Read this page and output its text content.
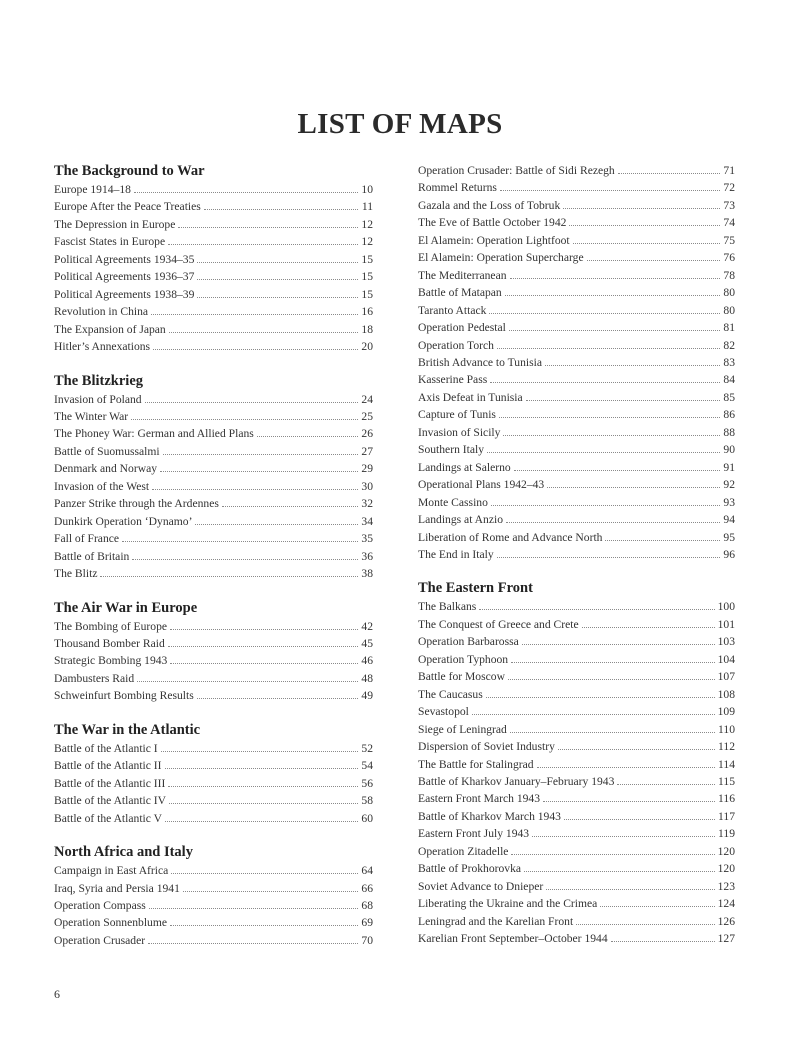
LIST OF MAPS
The Background to War
Europe 1914–18	10
Europe After the Peace Treaties	11
The Depression in Europe	12
Fascist States in Europe	12
Political Agreements 1934–35	15
Political Agreements 1936–37	15
Political Agreements 1938–39	15
Revolution in China	16
The Expansion of Japan	18
Hitler’s Annexations	20
The Blitzkrieg
Invasion of Poland	24
The Winter War	25
The Phoney War: German and Allied Plans	26
Battle of Suomussalmi	27
Denmark and Norway	29
Invasion of the West	30
Panzer Strike through the Ardennes	32
Dunkirk Operation ‘Dynamo’	34
Fall of France	35
Battle of Britain	36
The Blitz	38
The Air War in Europe
The Bombing of Europe	42
Thousand Bomber Raid	45
Strategic Bombing 1943	46
Dambusters Raid	48
Schweinfurt Bombing Results	49
The War in the Atlantic
Battle of the Atlantic I	52
Battle of the Atlantic II	54
Battle of the Atlantic III	56
Battle of the Atlantic IV	58
Battle of the Atlantic V	60
North Africa and Italy
Campaign in East Africa	64
Iraq, Syria and Persia 1941	66
Operation Compass	68
Operation Sonnenblume	69
Operation Crusader	70
Operation Crusader: Battle of Sidi Rezegh	71
Rommel Returns	72
Gazala and the Loss of Tobruk	73
The Eve of Battle October 1942	74
El Alamein: Operation Lightfoot	75
El Alamein: Operation Supercharge	76
The Mediterranean	78
Battle of Matapan	80
Taranto Attack	80
Operation Pedestal	81
Operation Torch	82
British Advance to Tunisia	83
Kasserine Pass	84
Axis Defeat in Tunisia	85
Capture of Tunis	86
Invasion of Sicily	88
Southern Italy	90
Landings at Salerno	91
Operational Plans 1942–43	92
Monte Cassino	93
Landings at Anzio	94
Liberation of Rome and Advance North	95
The End in Italy	96
The Eastern Front
The Balkans	100
The Conquest of Greece and Crete	101
Operation Barbarossa	103
Operation Typhoon	104
Battle for Moscow	107
The Caucasus	108
Sevastopol	109
Siege of Leningrad	110
Dispersion of Soviet Industry	112
The Battle for Stalingrad	114
Battle of Kharkov January–February 1943	115
Eastern Front March 1943	116
Battle of Kharkov March 1943	117
Eastern Front July 1943	119
Operation Zitadelle	120
Battle of Prokhorovka	120
Soviet Advance to Dnieper	123
Liberating the Ukraine and the Crimea	124
Leningrad and the Karelian Front	126
Karelian Front September–October 1944	127
6
